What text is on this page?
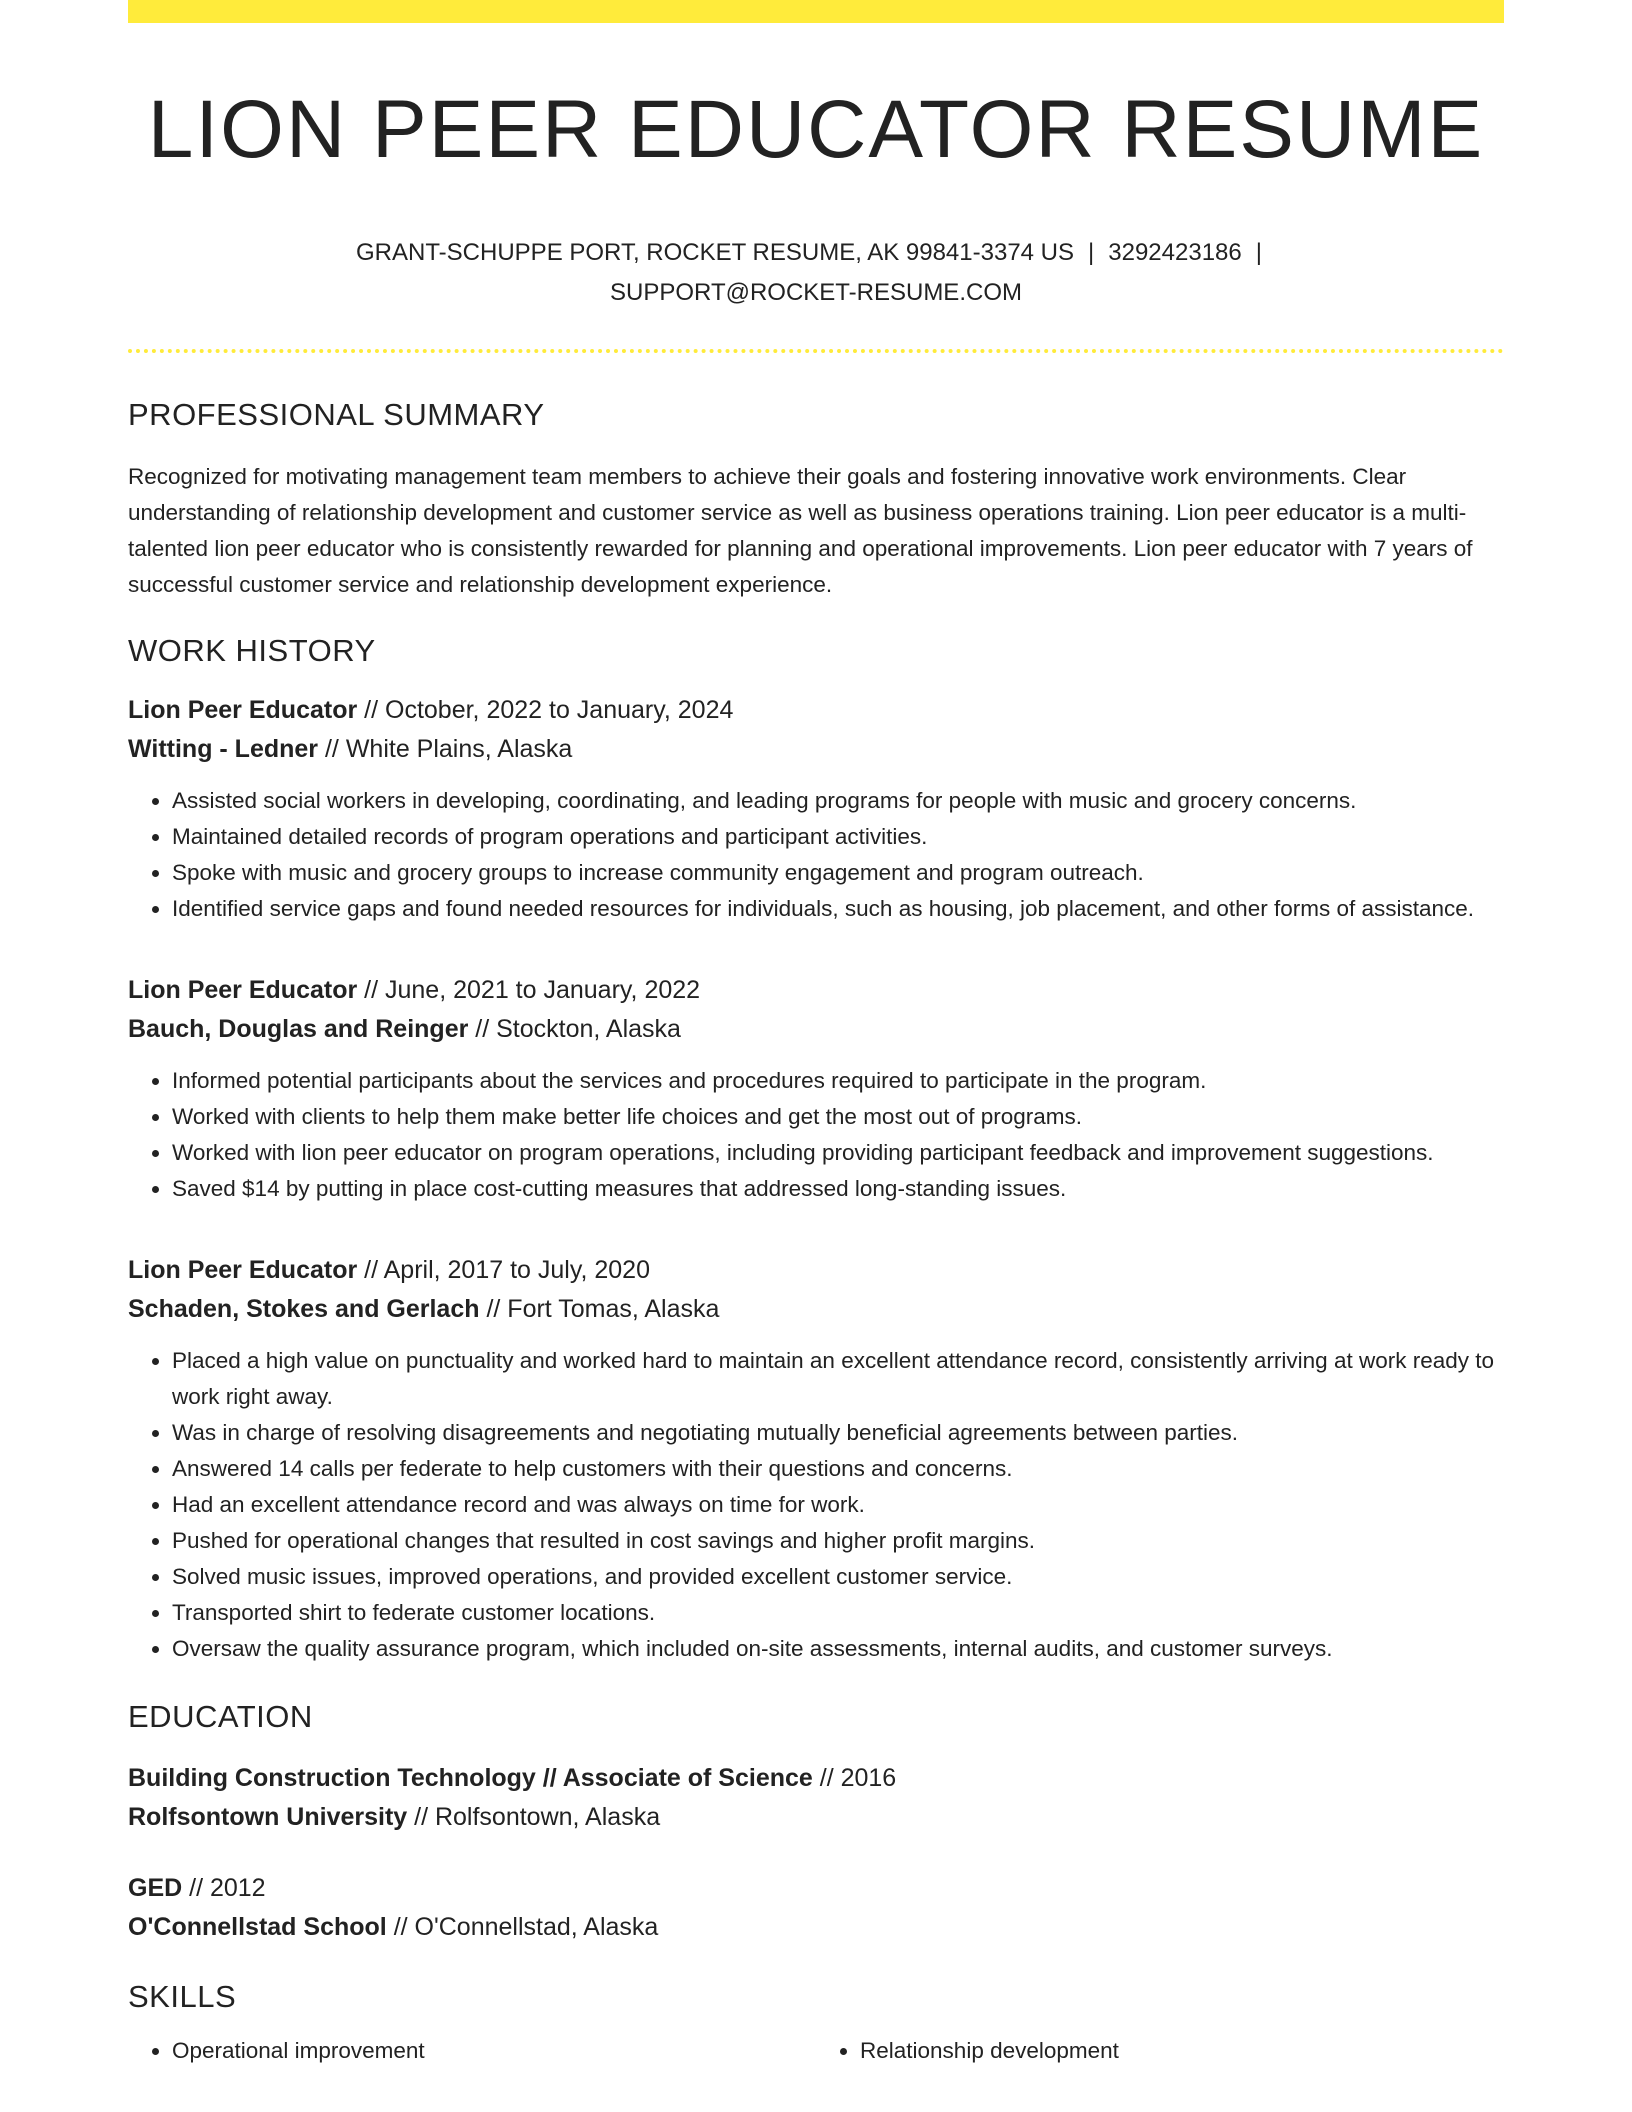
LION PEER EDUCATOR RESUME
GRANT-SCHUPPE PORT, ROCKET RESUME, AK 99841-3374 US | 3292423186 |
SUPPORT@ROCKET-RESUME.COM
PROFESSIONAL SUMMARY

Recognized for motivating management team members to achieve their goals and fostering innovative work environments. Clear understanding of relationship development and customer service as well as business operations training. Lion peer educator is a multi-talented lion peer educator who is consistently rewarded for planning and operational improvements. Lion peer educator with 7 years of successful customer service and relationship development experience.

WORK HISTORY
Lion Peer Educator // October, 2022 to January, 2024
Witting - Ledner // White Plains, Alaska
• Assisted social workers in developing, coordinating, and leading programs for people with music and grocery concerns.
• Maintained detailed records of program operations and participant activities.
• Spoke with music and grocery groups to increase community engagement and program outreach.
• Identified service gaps and found needed resources for individuals, such as housing, job placement, and other forms of assistance.
Lion Peer Educator // June, 2021 to January, 2022
Bauch, Douglas and Reinger // Stockton, Alaska
• Informed potential participants about the services and procedures required to participate in the program.
• Worked with clients to help them make better life choices and get the most out of programs.
• Worked with lion peer educator on program operations, including providing participant feedback and improvement suggestions.
• Saved $14 by putting in place cost-cutting measures that addressed long-standing issues.
Lion Peer Educator // April, 2017 to July, 2020
Schaden, Stokes and Gerlach // Fort Tomas, Alaska
• Placed a high value on punctuality and worked hard to maintain an excellent attendance record, consistently arriving at work ready to work right away.
• Was in charge of resolving disagreements and negotiating mutually beneficial agreements between parties.
• Answered 14 calls per federate to help customers with their questions and concerns.
• Had an excellent attendance record and was always on time for work.
• Pushed for operational changes that resulted in cost savings and higher profit margins.
• Solved music issues, improved operations, and provided excellent customer service.
• Transported shirt to federate customer locations.
• Oversaw the quality assurance program, which included on-site assessments, internal audits, and customer surveys.
EDUCATION
Building Construction Technology // Associate of Science // 2016
Rolfsontown University // Rolfsontown, Alaska
GED // 2012
O'Connellstad School // O'Connellstad, Alaska
SKILLS
• Operational improvement
•	Relationship development
